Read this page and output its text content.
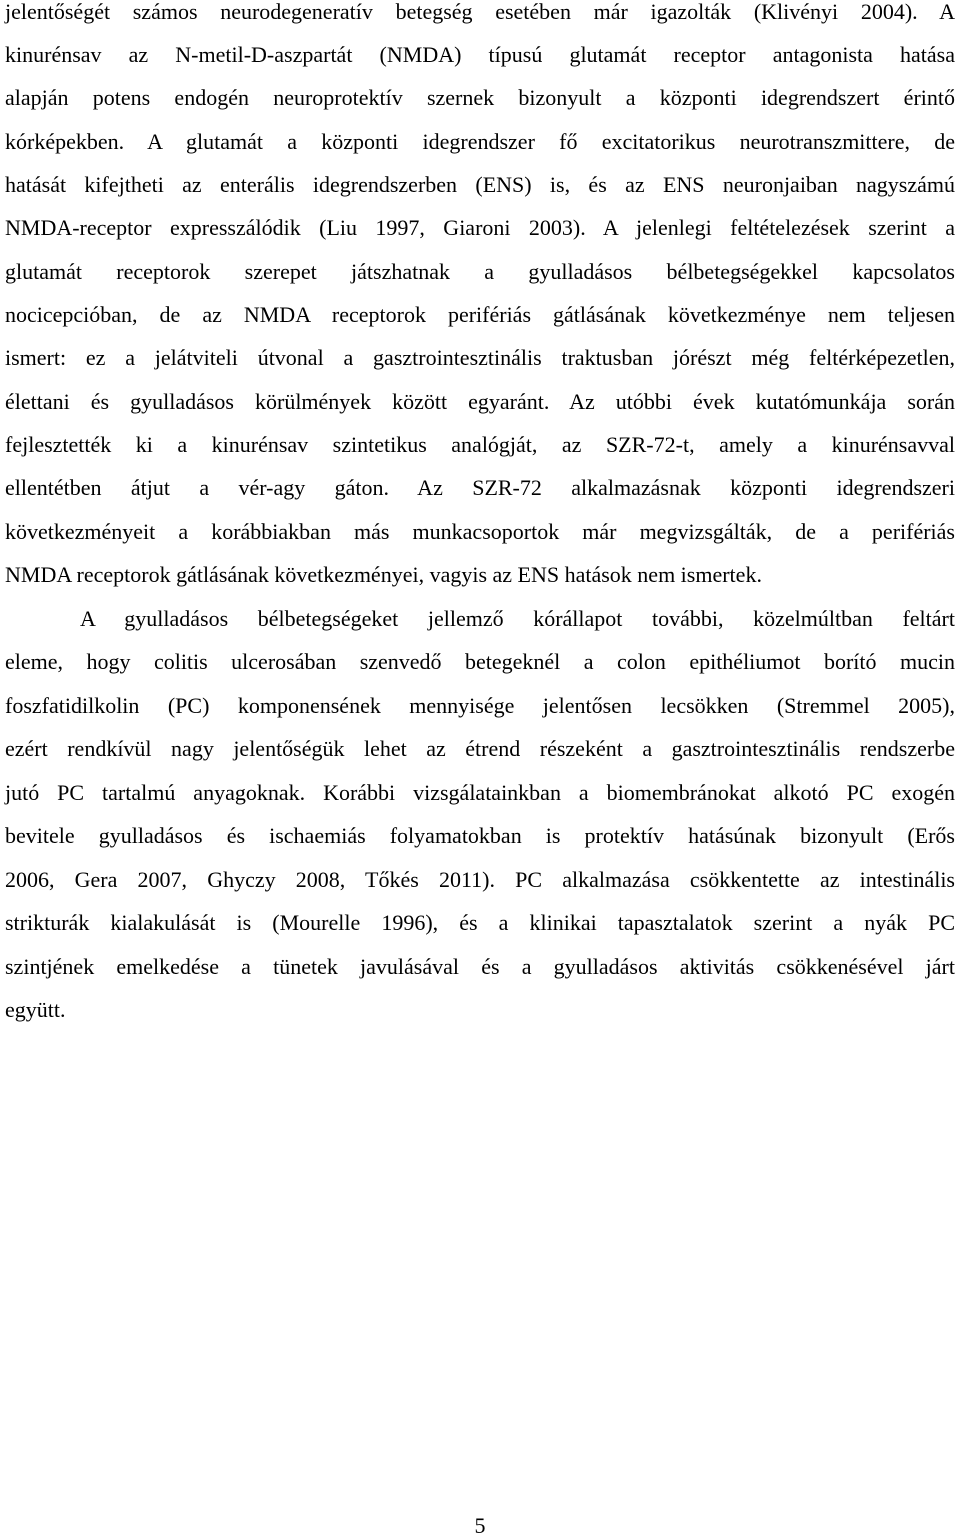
jelentőségét számos neurodegeneratív betegség esetében már igazolták (Klivényi 2004). A
kinurénsav az N-metil-D-aszpartát (NMDA) típusú glutamát receptor antagonista hatása
alapján potens endogén neuroprotektív szernek bizonyult a központi idegrendszert érintő
kórképekben. A glutamát a központi idegrendszer fő excitatorikus neurotranszmittere, de
hatását kifejtheti az enterális idegrendszerben (ENS) is, és az ENS neuronjaiban nagyszámú
NMDA-receptor expresszálódik (Liu 1997, Giaroni 2003). A jelenlegi feltételezések szerint a
glutamát receptorok szerepet játszhatnak a gyulladásos bélbetegségekkel kapcsolatos
nocicepcióban, de az NMDA receptorok perifériás gátlásának következménye nem teljesen
ismert: ez a jelátviteli útvonal a gasztrointesztinális traktusban jórészt még feltérképezetlen,
élettani és gyulladásos körülmények között egyaránt. Az utóbbi évek kutatómunkája során
fejlesztették ki a kinurénsav szintetikus analógját, az SZR-72-t, amely a kinurénsavval
ellentétben átjut a vér-agy gáton. Az SZR-72 alkalmazásnak központi idegrendszeri
következményeit a korábbiakban más munkacsoportok már megvizsgálták, de a perifériás
NMDA receptorok gátlásának következményei, vagyis az ENS hatások nem ismertek.
A gyulladásos bélbetegségeket jellemző kórállapot további, közelmúltban feltárt
eleme, hogy colitis ulcerosában szenvedő betegeknél a colon epithéliumot borító mucin
foszfatidilkolin (PC) komponensének mennyisége jelentősen lecsökken (Stremmel 2005),
ezért rendkívül nagy jelentőségük lehet az étrend részeként a gasztrointesztinális rendszerbe
jutó PC tartalmú anyagoknak. Korábbi vizsgálatainkban a biomembránokat alkotó PC exogén
bevitele gyulladásos és ischaemiás folyamatokban is protektív hatásúnak bizonyult (Erős
2006, Gera 2007, Ghyczy 2008, Tőkés 2011). PC alkalmazása csökkentette az intestinális
strikturák kialakulását is (Mourelle 1996), és a klinikai tapasztalatok szerint a nyák PC
szintjének emelkedése a tünetek javulásával és a gyulladásos aktivitás csökkenésével járt
együtt.
5
